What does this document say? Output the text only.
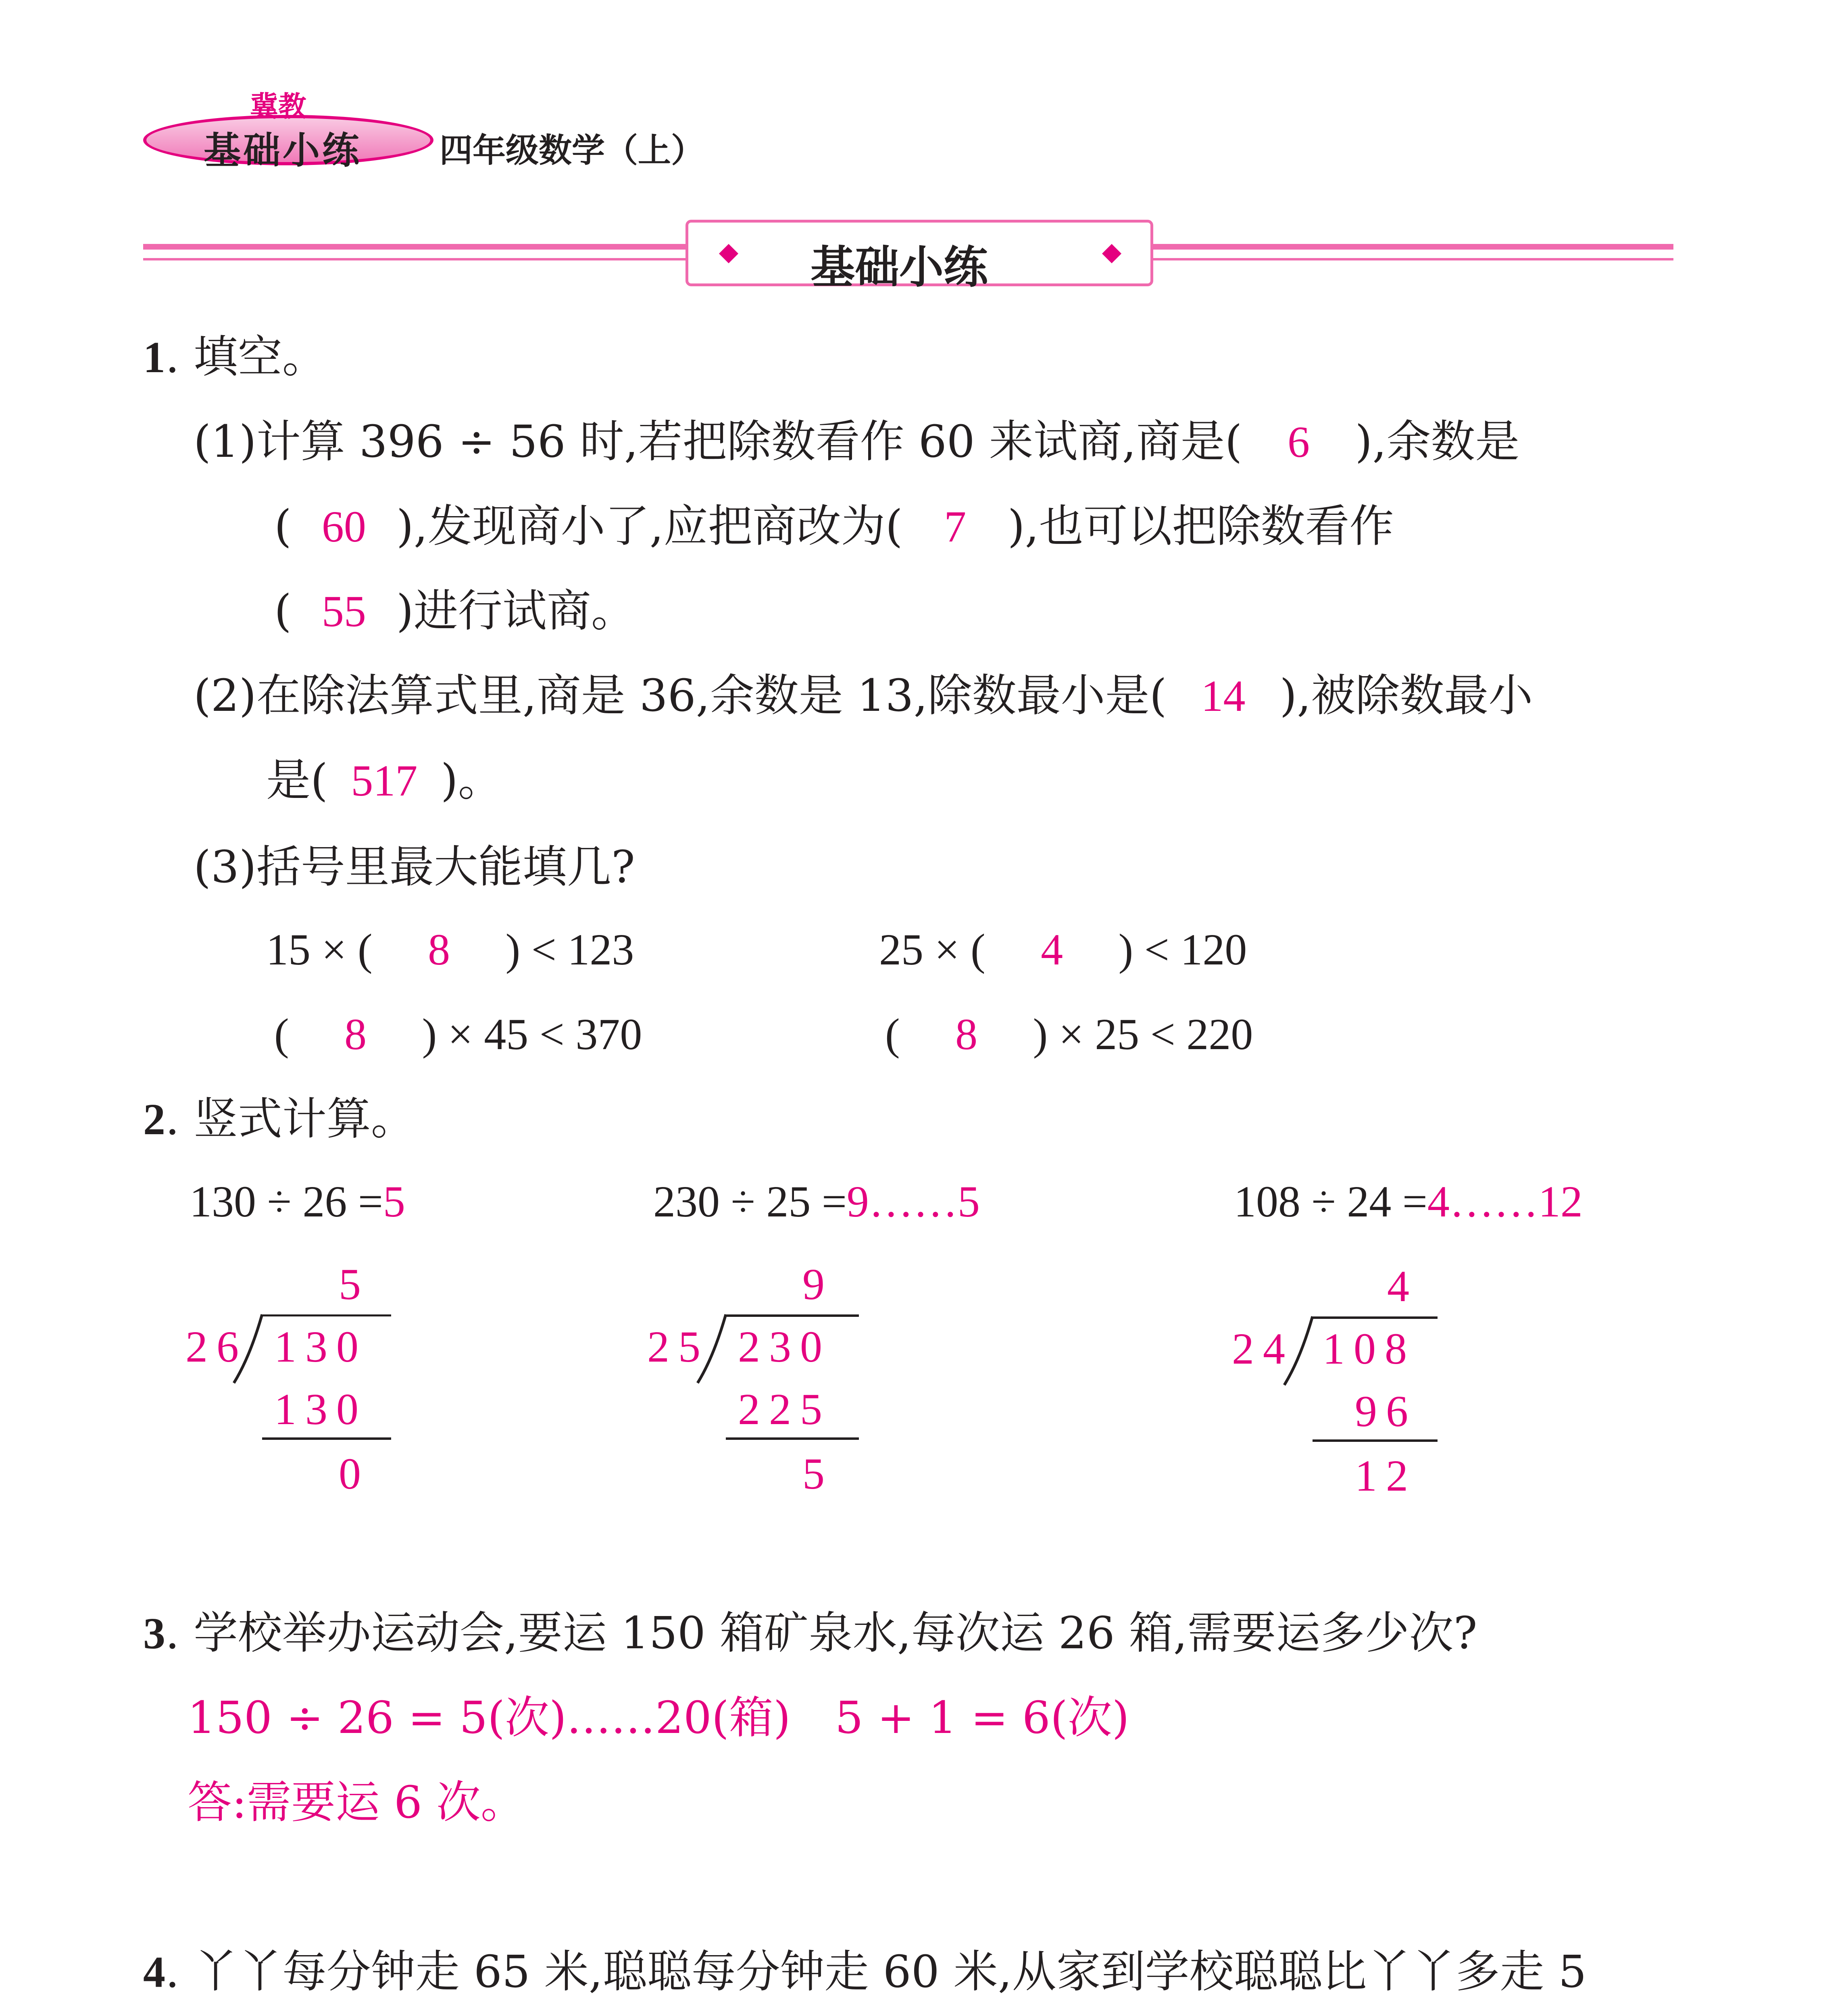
冀教
基础小练 四年级数学（上）
基础小练
1. 填空。
(1)计算 396 ÷ 56 时,若把除数看作 60 来试商,商是( 6 ),余数是
( 60 ),发现商小了,应把商改为( 7 ),也可以把除数看作
( 55 )进行试商。
(2)在除法算式里,商是 36,余数是 13,除数最小是( 14 ),被除数最小
是( 517 )。
(3)括号里最大能填几?
15 × ( 8 ) < 123	25 × ( 4 ) < 120
( 8 ) × 45 < 370	( 8 ) × 25 < 220
2. 竖式计算。
130 ÷ 26 =5	230 ÷ 25 =9……5	108 ÷ 24 =4……12
5
26 130
130
0
9
25 230
225
5
4
24 108
96
12
3. 学校举办运动会,要运 150 箱矿泉水,每次运 26 箱,需要运多少次?
150 ÷ 26 = 5(次)……20(箱)　5 + 1 = 6(次)
答:需要运 6 次。
4. 丫丫每分钟走 65 米,聪聪每分钟走 60 米,从家到学校聪聪比丫丫多走 5
